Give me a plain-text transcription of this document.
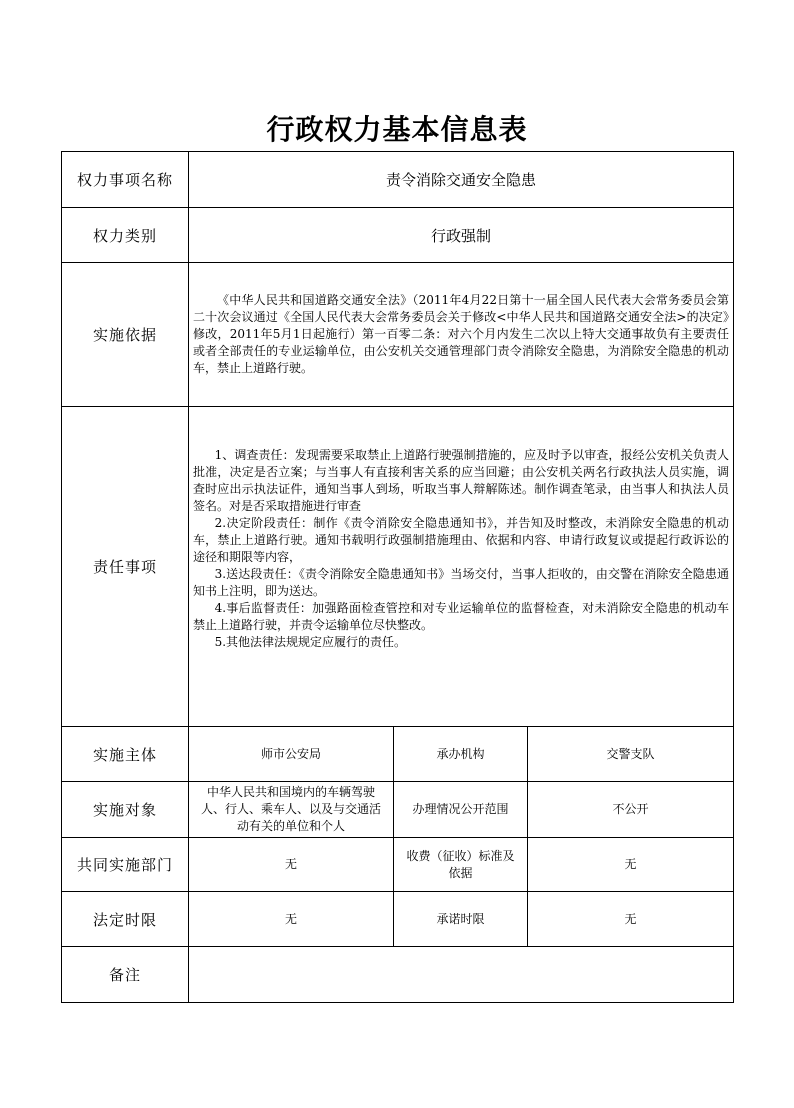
行政权力基本信息表
权力事项名称	责令消除交通安全隐患		
权力类别	行政强制		
实施依据	《中华人民共和国道路交通安全法》（2011年4月22日第十一届全国人民代表大会常务委员会第二十次会议通过《全国人民代表大会常务委员会关于修改<中华人民共和国道路交通安全法>的决定》修改，2011年5月1日起施行）第一百零二条：对六个月内发生二次以上特大交通事故负有主要责任或者全部责任的专业运输单位，由公安机关交通管理部门责令消除安全隐患，为消除安全隐患的机动车，禁止上道路行驶。		

责任事项	1、调查责任：发现需要采取禁止上道路行驶强制措施的，应及时予以审查，报经公安机关负责人批准，决定是否立案；与当事人有直接利害关系的应当回避；由公安机关两名行政执法人员实施，调查时应出示执法证件，通知当事人到场，听取当事人辩解陈述。制作调查笔录，由当事人和执法人员签名。对是否采取措施进行审查

2.决定阶段责任：制作《责令消除安全隐患通知书》，并告知及时整改，未消除安全隐患的机动车，禁止上道路行驶。通知书载明行政强制措施理由、依据和内容、申请行政复议或提起行政诉讼的途径和期限等内容，

3.送达段责任：《责令消除安全隐患通知书》当场交付，当事人拒收的，由交警在消除安全隐患通知书上注明，即为送达。

4.事后监督责任：加强路面检查管控和对专业运输单位的监督检查，对未消除安全隐患的机动车禁止上道路行驶，并责令运输单位尽快整改。

5.其他法律法规规定应履行的责任。		

实施主体	师市公安局	承办机构	交警支队
实施对象	中华人民共和国境内的车辆驾驶人、行人、乘车人、以及与交通活动有关的单位和个人	办理情况公开范围	不公开
共同实施部门	无	收费（征收）标准及依据	无
法定时限	无	承诺时限	无
备注			
